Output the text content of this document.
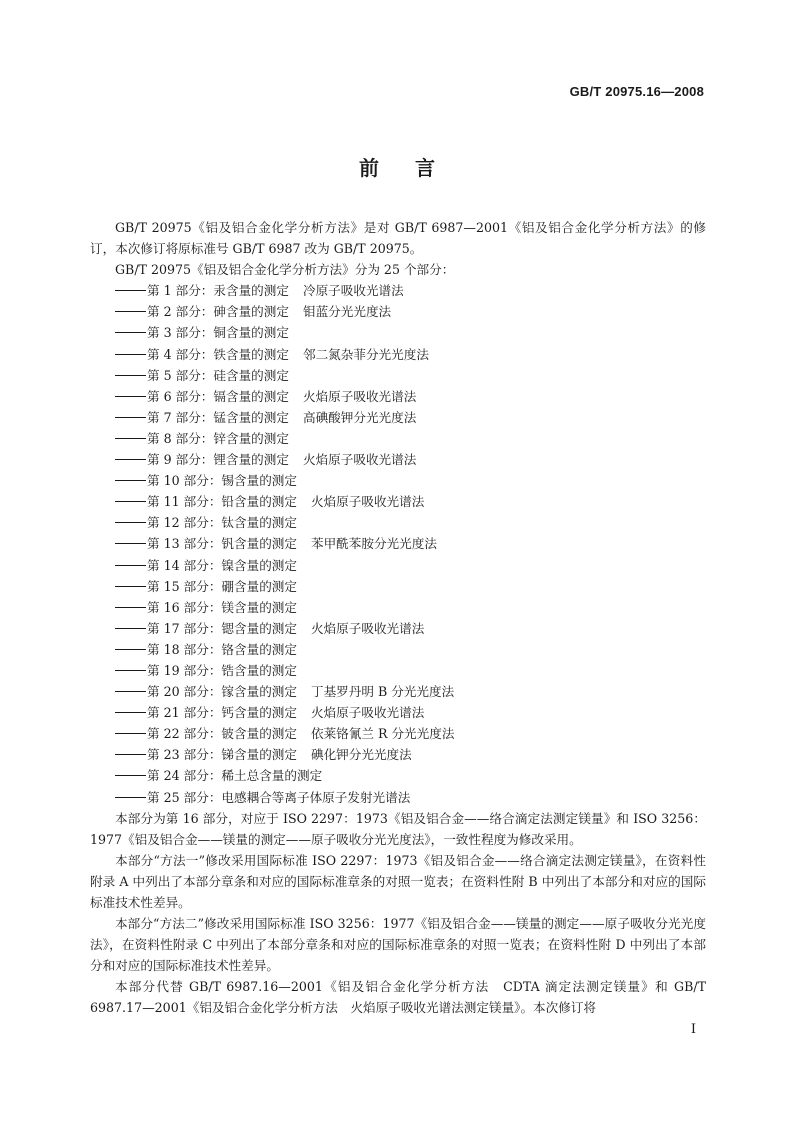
GB/T 20975.16—2008
前言

GB/T 20975《铝及铝合金化学分析方法》是对 GB/T 6987—2001《铝及铝合金化学分析方法》的修订，本次修订将原标准号 GB/T 6987 改为 GB/T 20975。

GB/T 20975《铝及铝合金化学分析方法》分为 25 个部分：

第 1 部分：汞含量的测定 冷原子吸收光谱法

第 2 部分：砷含量的测定 钼蓝分光光度法

第 3 部分：铜含量的测定

第 4 部分：铁含量的测定 邻二氮杂菲分光光度法

第 5 部分：硅含量的测定

第 6 部分：镉含量的测定 火焰原子吸收光谱法

第 7 部分：锰含量的测定 高碘酸钾分光光度法

第 8 部分：锌含量的测定

第 9 部分：锂含量的测定 火焰原子吸收光谱法

第 10 部分：锡含量的测定

第 11 部分：铅含量的测定 火焰原子吸收光谱法

第 12 部分：钛含量的测定

第 13 部分：钒含量的测定 苯甲酰苯胺分光光度法

第 14 部分：镍含量的测定

第 15 部分：硼含量的测定

第 16 部分：镁含量的测定

第 17 部分：锶含量的测定 火焰原子吸收光谱法

第 18 部分：铬含量的测定

第 19 部分：锆含量的测定

第 20 部分：镓含量的测定 丁基罗丹明 B 分光光度法

第 21 部分：钙含量的测定 火焰原子吸收光谱法

第 22 部分：铍含量的测定 依莱铬氰兰 R 分光光度法

第 23 部分：锑含量的测定 碘化钾分光光度法

第 24 部分：稀土总含量的测定

第 25 部分：电感耦合等离子体原子发射光谱法

本部分为第 16 部分，对应于 ISO 2297：1973《铝及铝合金——络合滴定法测定镁量》和 ISO 3256：1977《铝及铝合金——镁量的测定——原子吸收分光光度法》，一致性程度为修改采用。

本部分“方法一”修改采用国际标准 ISO 2297：1973《铝及铝合金——络合滴定法测定镁量》，在资料性附录 A 中列出了本部分章条和对应的国际标准章条的对照一览表；在资料性附 B 中列出了本部分和对应的国际标准技术性差异。

本部分“方法二”修改采用国际标准 ISO 3256：1977《铝及铝合金——镁量的测定——原子吸收分光光度法》，在资料性附录 C 中列出了本部分章条和对应的国际标准章条的对照一览表；在资料性附 D 中列出了本部分和对应的国际标准技术性差异。

本部分代替 GB/T 6987.16—2001《铝及铝合金化学分析方法　CDTA 滴定法测定镁量》和 GB/T 6987.17—2001《铝及铝合金化学分析方法　火焰原子吸收光谱法测定镁量》。本次修订将

I
